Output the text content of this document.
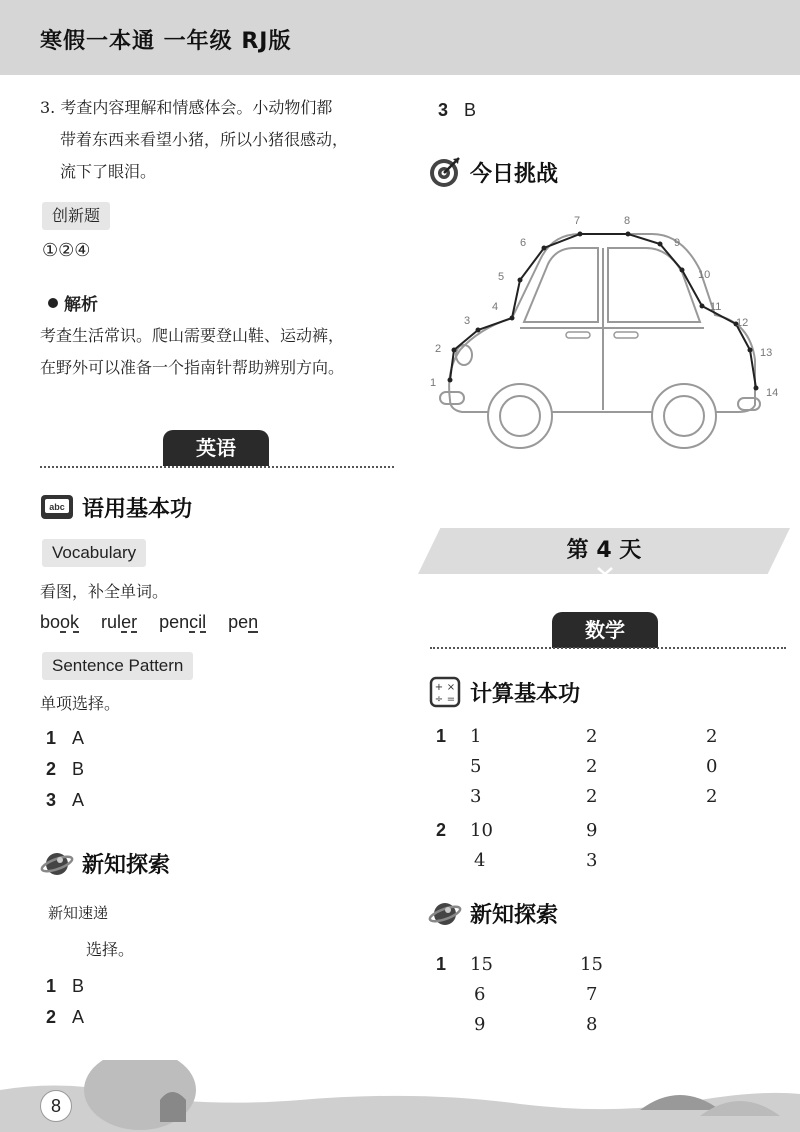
寒假一本通 一年级 RJ版
3. 考查内容理解和情感体会。小动物们都
带着东西来看望小猪，所以小猪很感动，
流下了眼泪。
创新题
①②④
解析
考查生活常识。爬山需要登山鞋、运动裤，
在野外可以准备一个指南针帮助辨别方向。
英语
abc 语用基本功
Vocabulary
看图，补全单词。
book ruler pencil pen
Sentence Pattern
单项选择。
1 A
2 B
3 A
新知探索
新知速递
选择。
1 B
2 A
3 B
今日挑战
1
2
3
4
5
6
7	8
9
10
11
12
13
14
第 4 天
数学
+ ×
÷ = 计算基本功
1 1	2	2
5	2	0
3	2	2
2 10	9
4	3
新知探索
1 15	15
6	7
9	8
8
